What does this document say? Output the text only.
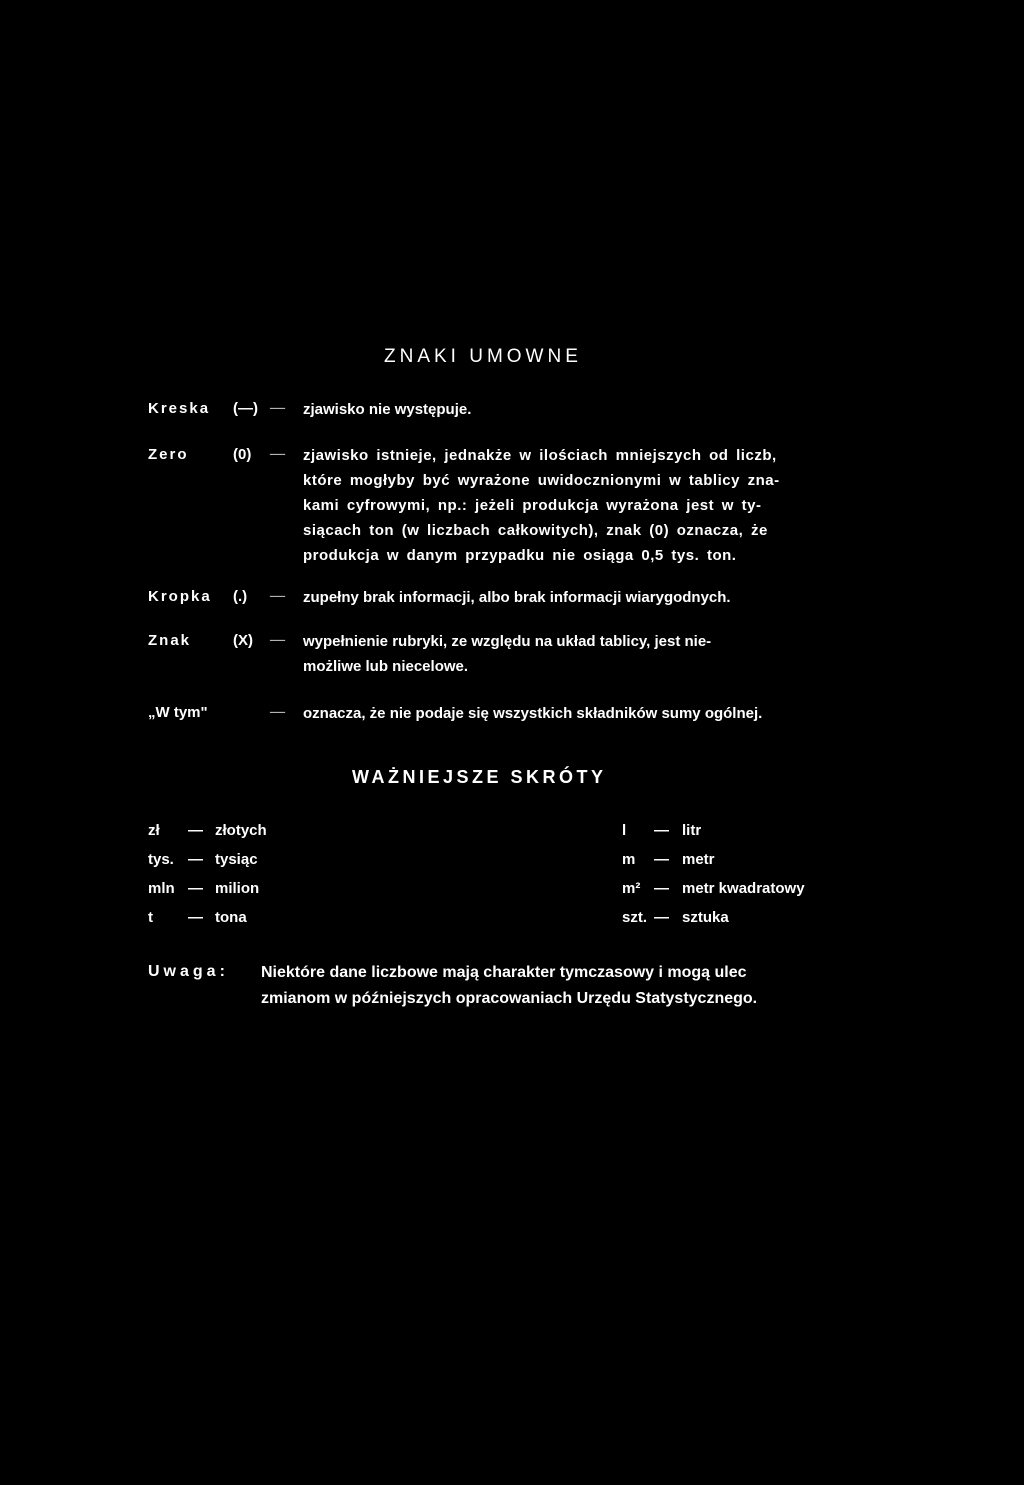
ZNAKI UMOWNE
Kreska (—) — zjawisko nie występuje.
Zero	(0) — zjawisko istnieje, jednakże w ilościach mniejszych od liczb,
które mogłyby być wyrażone uwidocznionymi w tablicy zna-
kami cyfrowymi, np.: jeżeli produkcja wyrażona jest w ty-
siącach ton (w liczbach całkowitych), znak (0) oznacza, że
produkcja w danym przypadku nie osiąga 0,5 tys. ton.
Kropka (.) — zupełny brak informacji, albo brak informacji wiarygodnych.
Znak	(X) — wypełnienie rubryki, ze względu na układ tablicy, jest nie-
możliwe lub niecelowe.
„W tym"	— oznacza, że nie podaje się wszystkich składników sumy ogólnej.
WAŻNIEJSZE SKRÓTY
zł — złotych
tys. — tysiąc
mln — milion
t — tona
l — litr
m — metr
m² — metr kwadratowy
szt. — sztuka
Uwaga: Niektóre dane liczbowe mają charakter tymczasowy i mogą ulec
zmianom w późniejszych opracowaniach Urzędu Statystycznego.
